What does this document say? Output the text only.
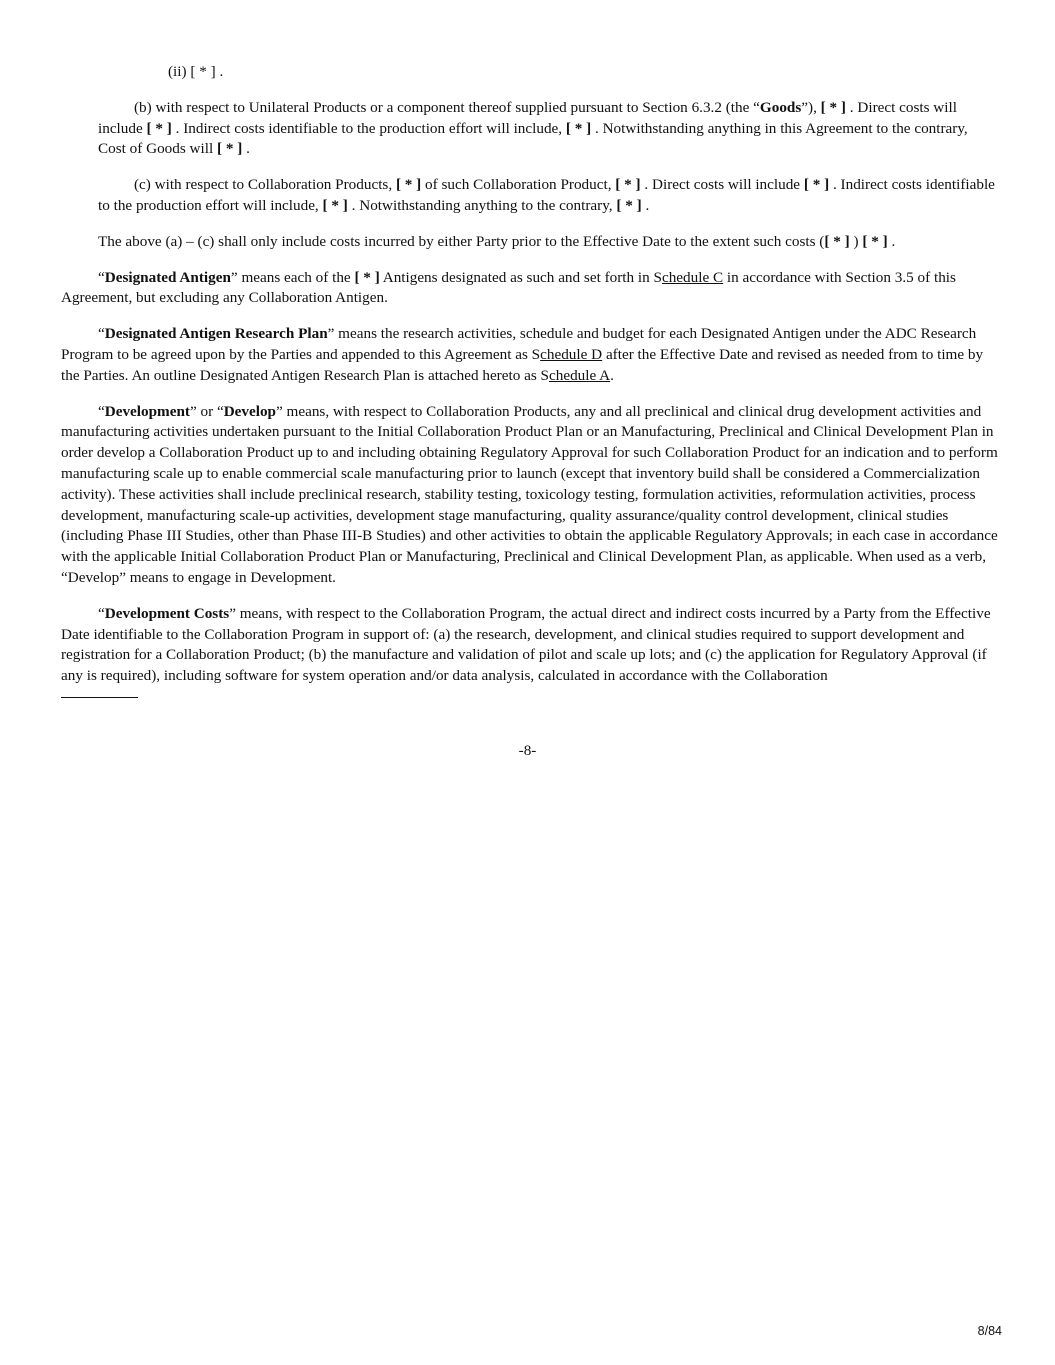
(ii) [ * ] .

(b) with respect to Unilateral Products or a component thereof supplied pursuant to Section 6.3.2 (the “Goods”), [ * ] . Direct costs will include [ * ] . Indirect costs identifiable to the production effort will include, [ * ] . Notwithstanding anything in this Agreement to the contrary, Cost of Goods will [ * ] .

(c) with respect to Collaboration Products, [ * ] of such Collaboration Product, [ * ] . Direct costs will include [ * ] . Indirect costs identifiable to the production effort will include, [ * ] . Notwithstanding anything to the contrary, [ * ] .

The above (a) – (c) shall only include costs incurred by either Party prior to the Effective Date to the extent such costs ([ * ] ) [ * ] .

“Designated Antigen” means each of the [ * ] Antigens designated as such and set forth in Schedule C in accordance with Section 3.5 of this Agreement, but excluding any Collaboration Antigen.

“Designated Antigen Research Plan” means the research activities, schedule and budget for each Designated Antigen under the ADC Research Program to be agreed upon by the Parties and appended to this Agreement as Schedule D after the Effective Date and revised as needed from to time by the Parties. An outline Designated Antigen Research Plan is attached hereto as Schedule A.

“Development” or “Develop” means, with respect to Collaboration Products, any and all preclinical and clinical drug development activities and manufacturing activities undertaken pursuant to the Initial Collaboration Product Plan or an Manufacturing, Preclinical and Clinical Development Plan in order develop a Collaboration Product up to and including obtaining Regulatory Approval for such Collaboration Product for an indication and to perform manufacturing scale up to enable commercial scale manufacturing prior to launch (except that inventory build shall be considered a Commercialization activity). These activities shall include preclinical research, stability testing, toxicology testing, formulation activities, reformulation activities, process development, manufacturing scale-up activities, development stage manufacturing, quality assurance/quality control development, clinical studies (including Phase III Studies, other than Phase III-B Studies) and other activities to obtain the applicable Regulatory Approvals; in each case in accordance with the applicable Initial Collaboration Product Plan or Manufacturing, Preclinical and Clinical Development Plan, as applicable. When used as a verb, “Develop” means to engage in Development.

“Development Costs” means, with respect to the Collaboration Program, the actual direct and indirect costs incurred by a Party from the Effective Date identifiable to the Collaboration Program in support of: (a) the research, development, and clinical studies required to support development and registration for a Collaboration Product; (b) the manufacture and validation of pilot and scale up lots; and (c) the application for Regulatory Approval (if any is required), including software for system operation and/or data analysis, calculated in accordance with the Collaboration

-8-
8/84
